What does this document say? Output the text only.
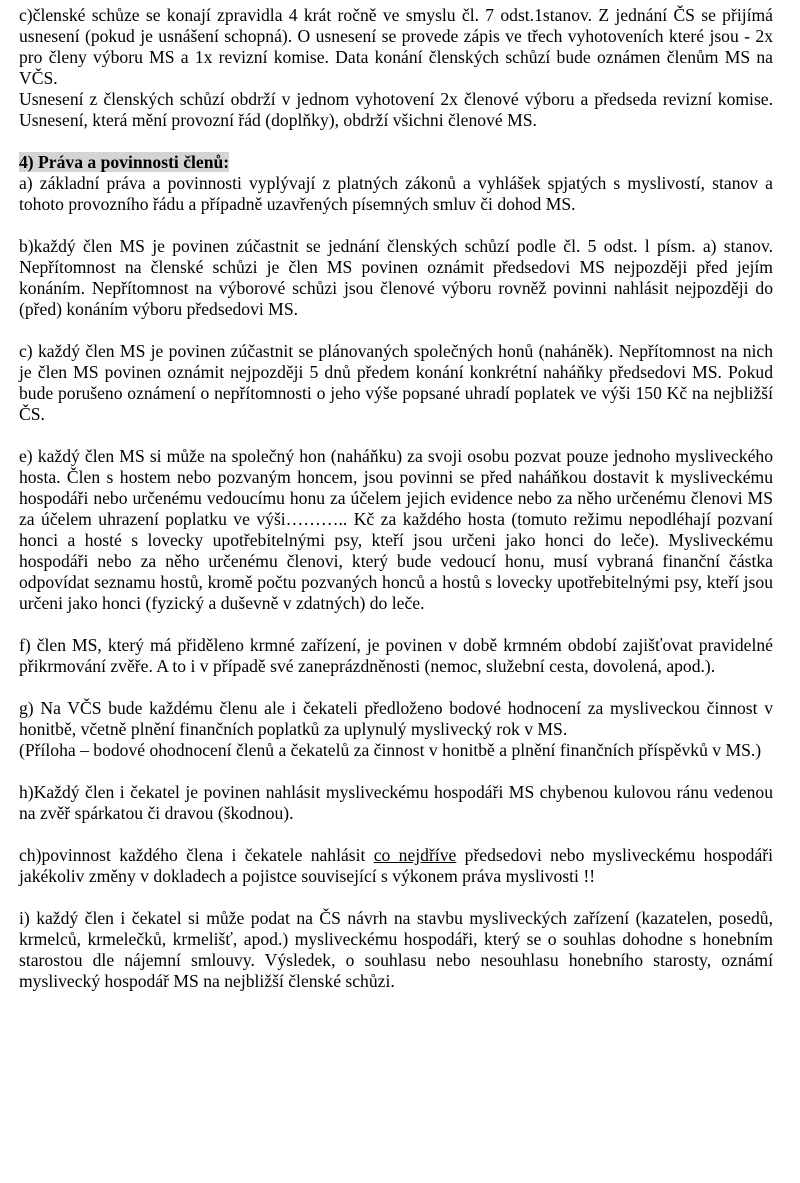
c)členské schůze se konají zpravidla 4 krát ročně ve smyslu čl. 7 odst.1stanov. Z jednání ČS se přijímá usnesení (pokud je usnášení schopná). O usnesení se provede zápis ve třech vyhotoveních které jsou - 2x pro členy výboru MS a 1x revizní komise. Data konání členských schůzí bude oznámen členům MS na VČS.

Usnesení z členských schůzí obdrží v jednom vyhotovení 2x členové výboru a předseda revizní komise. Usnesení, která mění provozní řád (doplňky), obdrží všichni členové MS.

4) Práva a povinnosti členů:

a) základní práva a povinnosti vyplývají z platných zákonů a vyhlášek spjatých s myslivostí, stanov a tohoto provozního řádu a případně uzavřených písemných smluv či dohod MS.

b)každý člen MS je povinen zúčastnit se jednání členských schůzí podle čl. 5 odst. l písm. a) stanov. Nepřítomnost na členské schůzi je člen MS povinen oznámit předsedovi MS nejpozději před jejím konáním. Nepřítomnost na výborové schůzi jsou členové výboru rovněž povinni nahlásit nejpozději do (před) konáním výboru předsedovi MS.

c) každý člen MS je povinen zúčastnit se plánovaných společných honů (naháněk). Nepřítomnost na nich je člen MS povinen oznámit nejpozději 5 dnů předem konání konkrétní naháňky předsedovi MS. Pokud bude porušeno oznámení o nepřítomnosti o jeho výše popsané uhradí poplatek ve výši 150 Kč na nejbližší ČS.

e) každý člen MS si může na společný hon (naháňku) za svoji osobu pozvat pouze jednoho mysliveckého hosta. Člen s hostem nebo pozvaným honcem, jsou povinni se před naháňkou dostavit k mysliveckému hospodáři nebo určenému vedoucímu honu za účelem jejich evidence nebo za něho určenému členovi MS za účelem uhrazení poplatku ve výši……….. Kč za každého hosta (tomuto režimu nepodléhají pozvaní honci a hosté s lovecky upotřebitelnými psy, kteří jsou určeni jako honci do leče). Mysliveckému hospodáři nebo za něho určenému členovi, který bude vedoucí honu, musí vybraná finanční částka odpovídat seznamu hostů, kromě počtu pozvaných honců a hostů s lovecky upotřebitelnými psy, kteří jsou určeni jako honci (fyzický a duševně v zdatných) do leče.

f) člen MS, který má přiděleno krmné zařízení, je povinen v době krmném období zajišťovat pravidelné přikrmování zvěře. A to i v případě své zaneprázdněnosti (nemoc, služební cesta, dovolená, apod.).

g) Na VČS bude každému členu ale i čekateli předloženo bodové hodnocení za mysliveckou činnost v honitbě, včetně plnění finančních poplatků za uplynulý myslivecký rok v MS.

(Příloha – bodové ohodnocení členů a čekatelů za činnost v honitbě a plnění finančních příspěvků v MS.)

h)Každý člen i čekatel je povinen nahlásit mysliveckému hospodáři MS chybenou kulovou ránu vedenou na zvěř spárkatou či dravou (škodnou).

ch)povinnost každého člena i čekatele nahlásit co nejdříve předsedovi nebo mysliveckému hospodáři jakékoliv změny v dokladech a pojistce související s výkonem práva myslivosti !!

i) každý člen i čekatel si může podat na ČS návrh na stavbu mysliveckých zařízení (kazatelen, posedů, krmelců, krmelečků, krmelišť, apod.) mysliveckému hospodáři, který se o souhlas dohodne s honebním starostou dle nájemní smlouvy. Výsledek, o souhlasu nebo nesouhlasu honebního starosty, oznámí myslivecký hospodář MS na nejbližší členské schůzi.
